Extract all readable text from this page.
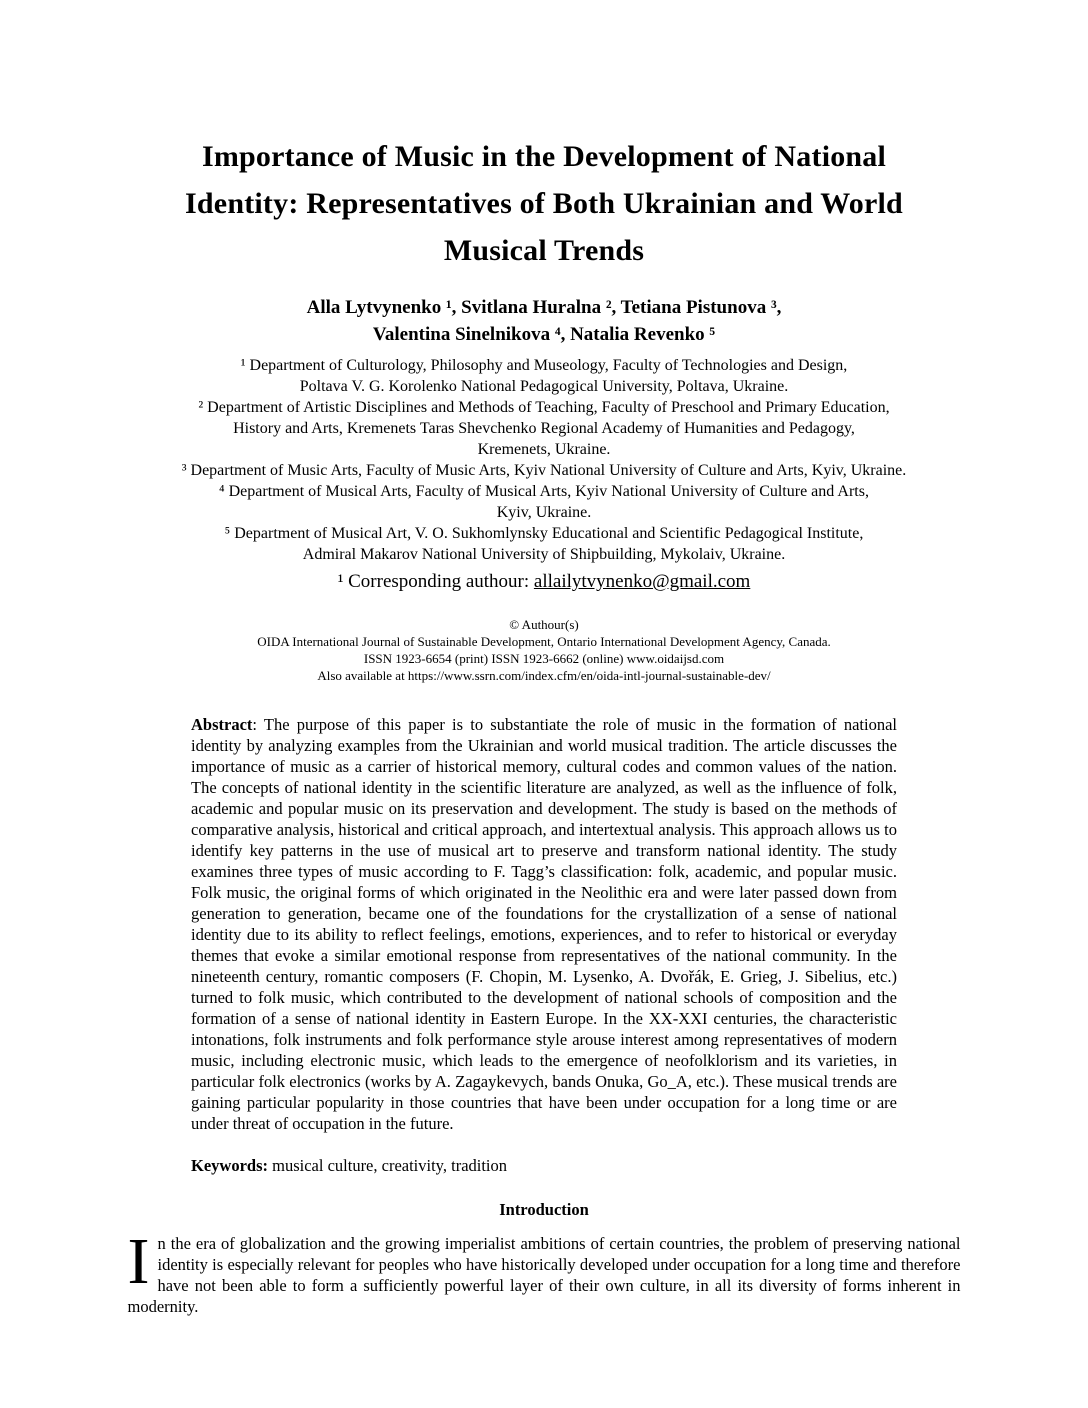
Importance of Music in the Development of National
Identity: Representatives of Both Ukrainian and World
Musical Trends
Alla Lytvynenko ¹, Svitlana Huralna ², Tetiana Pistunova ³,
Valentina Sinelnikova ⁴, Natalia Revenko ⁵
¹ Department of Culturology, Philosophy and Museology, Faculty of Technologies and Design,
Poltava V. G. Korolenko National Pedagogical University, Poltava, Ukraine.
² Department of Artistic Disciplines and Methods of Teaching, Faculty of Preschool and Primary Education,
History and Arts, Kremenets Taras Shevchenko Regional Academy of Humanities and Pedagogy,
Kremenets, Ukraine.
³ Department of Music Arts, Faculty of Music Arts, Kyiv National University of Culture and Arts, Kyiv, Ukraine.
⁴ Department of Musical Arts, Faculty of Musical Arts, Kyiv National University of Culture and Arts,
Kyiv, Ukraine.
⁵ Department of Musical Art, V. O. Sukhomlynsky Educational and Scientific Pedagogical Institute,
Admiral Makarov National University of Shipbuilding, Mykolaiv, Ukraine.
¹ Corresponding authour: allailytvynenko@gmail.com
© Authour(s)
OIDA International Journal of Sustainable Development, Ontario International Development Agency, Canada.
ISSN 1923-6654 (print) ISSN 1923-6662 (online) www.oidaijsd.com
Also available at https://www.ssrn.com/index.cfm/en/oida-intl-journal-sustainable-dev/
Abstract: The purpose of this paper is to substantiate the role of music in the formation of national identity by analyzing examples from the Ukrainian and world musical tradition. The article discusses the importance of music as a carrier of historical memory, cultural codes and common values of the nation. The concepts of national identity in the scientific literature are analyzed, as well as the influence of folk, academic and popular music on its preservation and development. The study is based on the methods of comparative analysis, historical and critical approach, and intertextual analysis. This approach allows us to identify key patterns in the use of musical art to preserve and transform national identity. The study examines three types of music according to F. Tagg’s classification: folk, academic, and popular music. Folk music, the original forms of which originated in the Neolithic era and were later passed down from generation to generation, became one of the foundations for the crystallization of a sense of national identity due to its ability to reflect feelings, emotions, experiences, and to refer to historical or everyday themes that evoke a similar emotional response from representatives of the national community. In the nineteenth century, romantic composers (F. Chopin, M. Lysenko, A. Dvořák, E. Grieg, J. Sibelius, etc.) turned to folk music, which contributed to the development of national schools of composition and the formation of a sense of national identity in Eastern Europe. In the XX-XXI centuries, the characteristic intonations, folk instruments and folk performance style arouse interest among representatives of modern music, including electronic music, which leads to the emergence of neofolklorism and its varieties, in particular folk electronics (works by A. Zagaykevych, bands Onuka, Go_A, etc.). These musical trends are gaining particular popularity in those countries that have been under occupation for a long time or are under threat of occupation in the future.
Keywords: musical culture, creativity, tradition
Introduction
In the era of globalization and the growing imperialist ambitions of certain countries, the problem of preserving national identity is especially relevant for peoples who have historically developed under occupation for a long time and therefore have not been able to form a sufficiently powerful layer of their own culture, in all its diversity of forms inherent in modernity.
